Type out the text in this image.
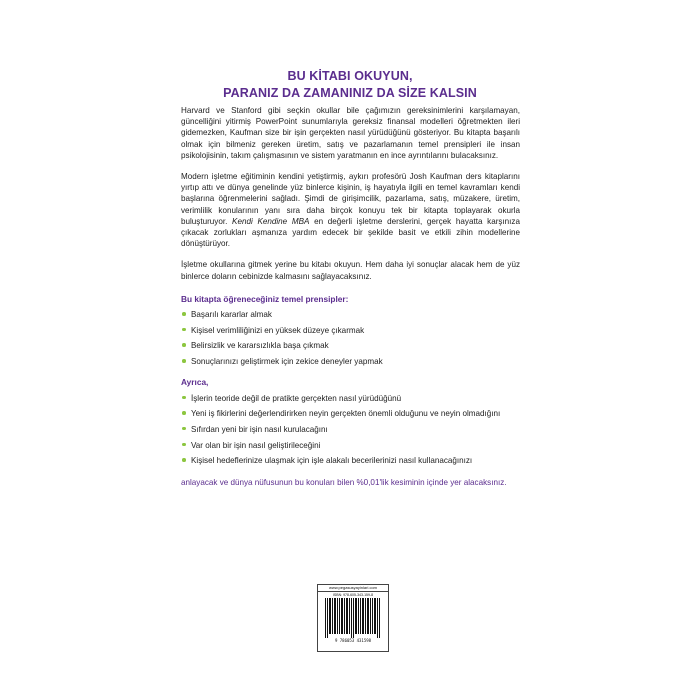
BU KİTABI OKUYUN,
PARANIZ DA ZAMANINIZ DA SİZE KALSIN

Harvard ve Stanford gibi seçkin okullar bile çağımızın gereksinimlerini karşılamayan, güncelliğini yitirmiş PowerPoint sunumlarıyla gereksiz finansal modelleri öğretmekten ileri gidemezken, Kaufman size bir işin gerçekten nasıl yürüdüğünü gösteriyor. Bu kitapta başarılı olmak için bilmeniz gereken üretim, satış ve pazarlamanın temel prensipleri ile insan psikolojisinin, takım çalışmasının ve sistem yaratmanın en ince ayrıntılarını bulacaksınız.

Modern işletme eğitiminin kendini yetiştirmiş, aykırı profesörü Josh Kaufman ders kitaplarını yırtıp attı ve dünya genelinde yüz binlerce kişinin, iş hayatıyla ilgili en temel kavramları kendi başlarına öğrenmelerini sağladı. Şimdi de girişimcilik, pazarlama, satış, müzakere, üretim, verimlilik konularının yanı sıra daha birçok konuyu tek bir kitapta toplayarak okurla buluşturuyor. Kendi Kendine MBA en değerli işletme derslerini, gerçek hayatta karşınıza çıkacak zorlukları aşmanıza yardım edecek bir şekilde basit ve etkili zihin modellerine dönüştürüyor.

İşletme okullarına gitmek yerine bu kitabı okuyun. Hem daha iyi sonuçlar alacak hem de yüz binlerce doların cebinizde kalmasını sağlayacaksınız.

Bu kitapta öğreneceğiniz temel prensipler:
Başarılı kararlar almak
Kişisel verimliliğinizi en yüksek düzeye çıkarmak
Belirsizlik ve kararsızlıkla başa çıkmak
Sonuçlarınızı geliştirmek için zekice deneyler yapmak
Ayrıca,
İşlerin teoride değil de pratikte gerçekten nasıl yürüdüğünü
Yeni iş fikirlerini değerlendirirken neyin gerçekten önemli olduğunu ve neyin olmadığını
Sıfırdan yeni bir işin nasıl kurulacağını
Var olan bir işin nasıl geliştirileceğini
Kişisel hedeflerinize ulaşmak için işle alakalı becerilerinizi nasıl kullanacağınızı
anlayacak ve dünya nüfusunun bu konuları bilen %0,01'lik kesiminin içinde yer alacaksınız.
www.pegasusyayinlari.com
ISBN: 978-605-343-159-8
9 786053 431598
